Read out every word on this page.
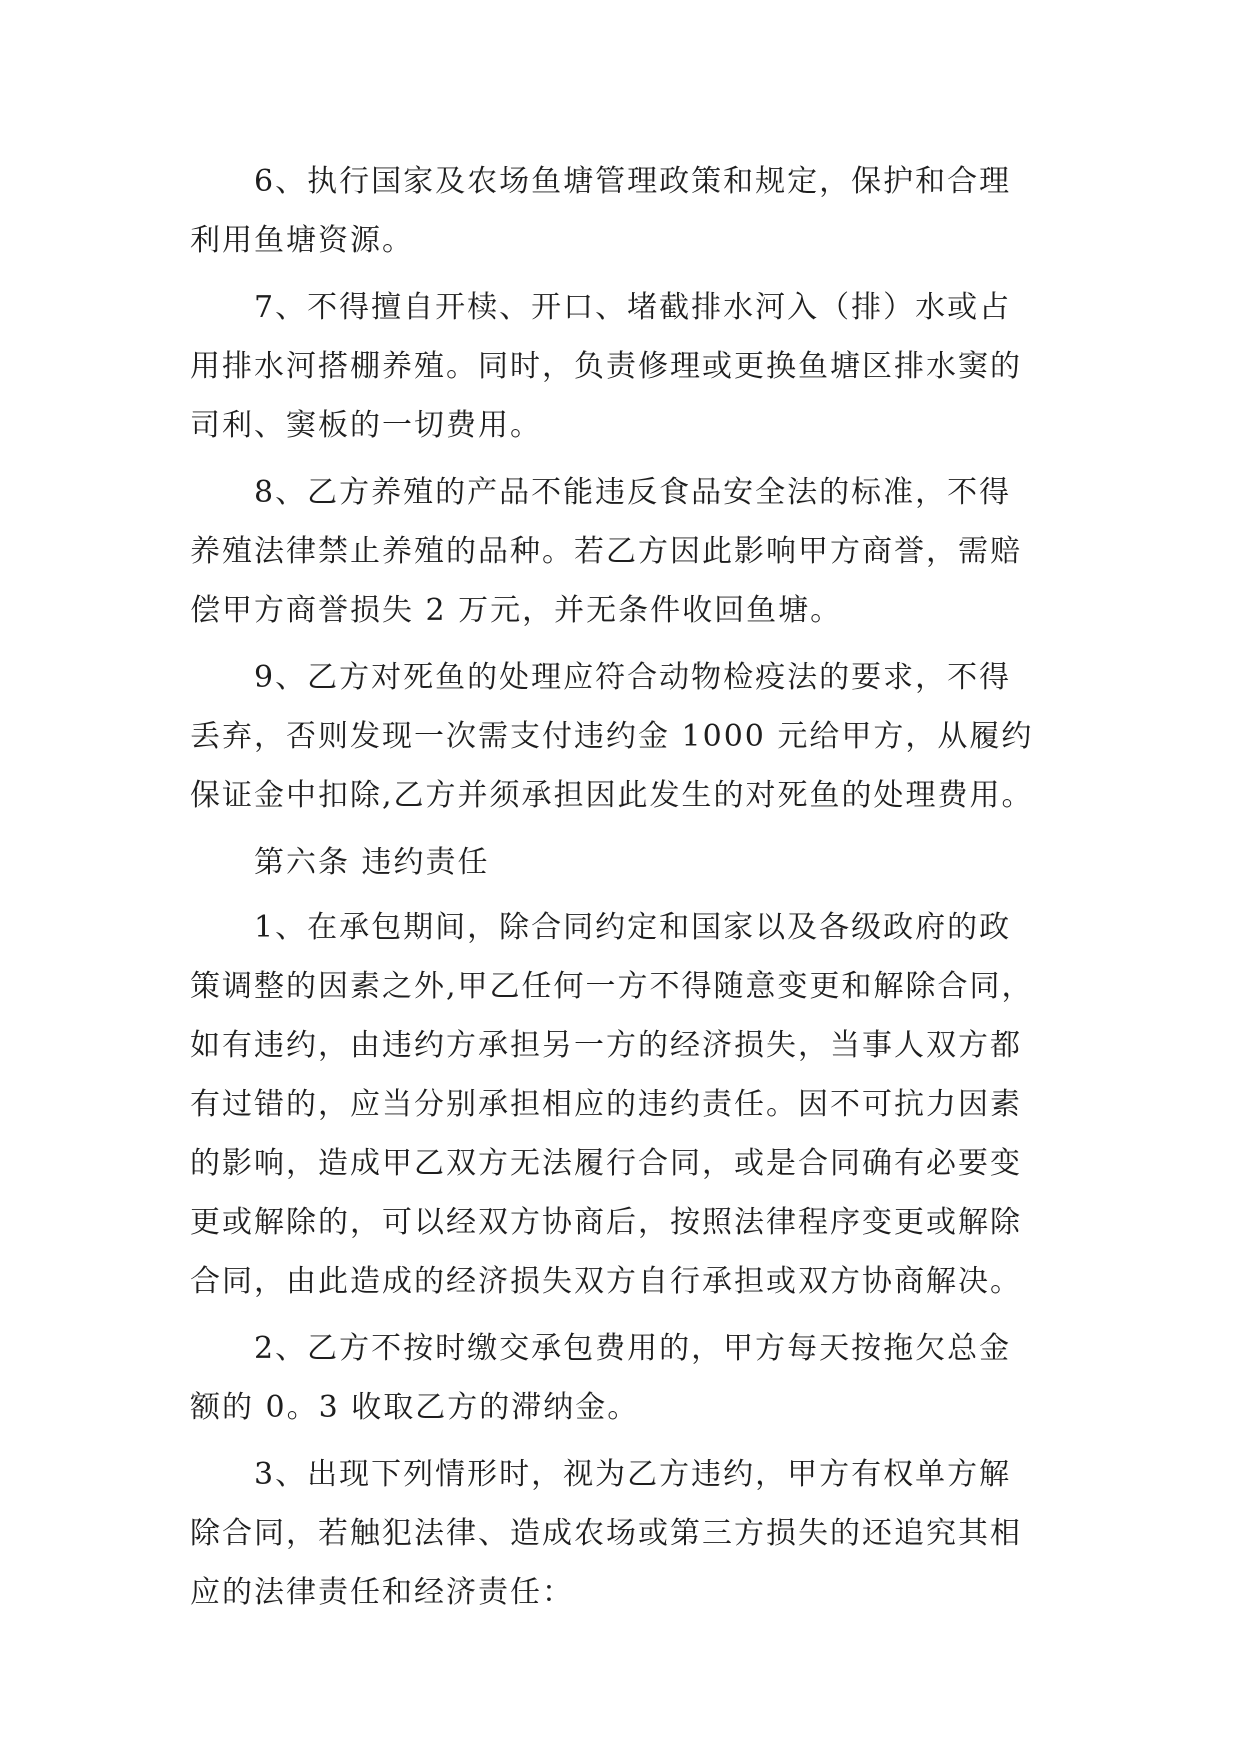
6、执行国家及农场鱼塘管理政策和规定，保护和合理
利用鱼塘资源。
7、不得擅自开椟、开口、堵截排水河入（排）水或占
用排水河搭棚养殖。同时，负责修理或更换鱼塘区排水窦的
司利、窦板的一切费用。
8、乙方养殖的产品不能违反食品安全法的标准，不得
养殖法律禁止养殖的品种。若乙方因此影响甲方商誉，需赔
偿甲方商誉损失 2 万元，并无条件收回鱼塘。
9、乙方对死鱼的处理应符合动物检疫法的要求，不得
丢弃，否则发现一次需支付违约金 1000 元给甲方，从履约
保证金中扣除,乙方并须承担因此发生的对死鱼的处理费用。
第六条 违约责任
1、在承包期间，除合同约定和国家以及各级政府的政
策调整的因素之外,甲乙任何一方不得随意变更和解除合同，
如有违约，由违约方承担另一方的经济损失，当事人双方都
有过错的，应当分别承担相应的违约责任。因不可抗力因素
的影响，造成甲乙双方无法履行合同，或是合同确有必要变
更或解除的，可以经双方协商后，按照法律程序变更或解除
合同，由此造成的经济损失双方自行承担或双方协商解决。
2、乙方不按时缴交承包费用的，甲方每天按拖欠总金
额的 0。3 收取乙方的滞纳金。
3、出现下列情形时，视为乙方违约，甲方有权单方解
除合同，若触犯法律、造成农场或第三方损失的还追究其相
应的法律责任和经济责任：
